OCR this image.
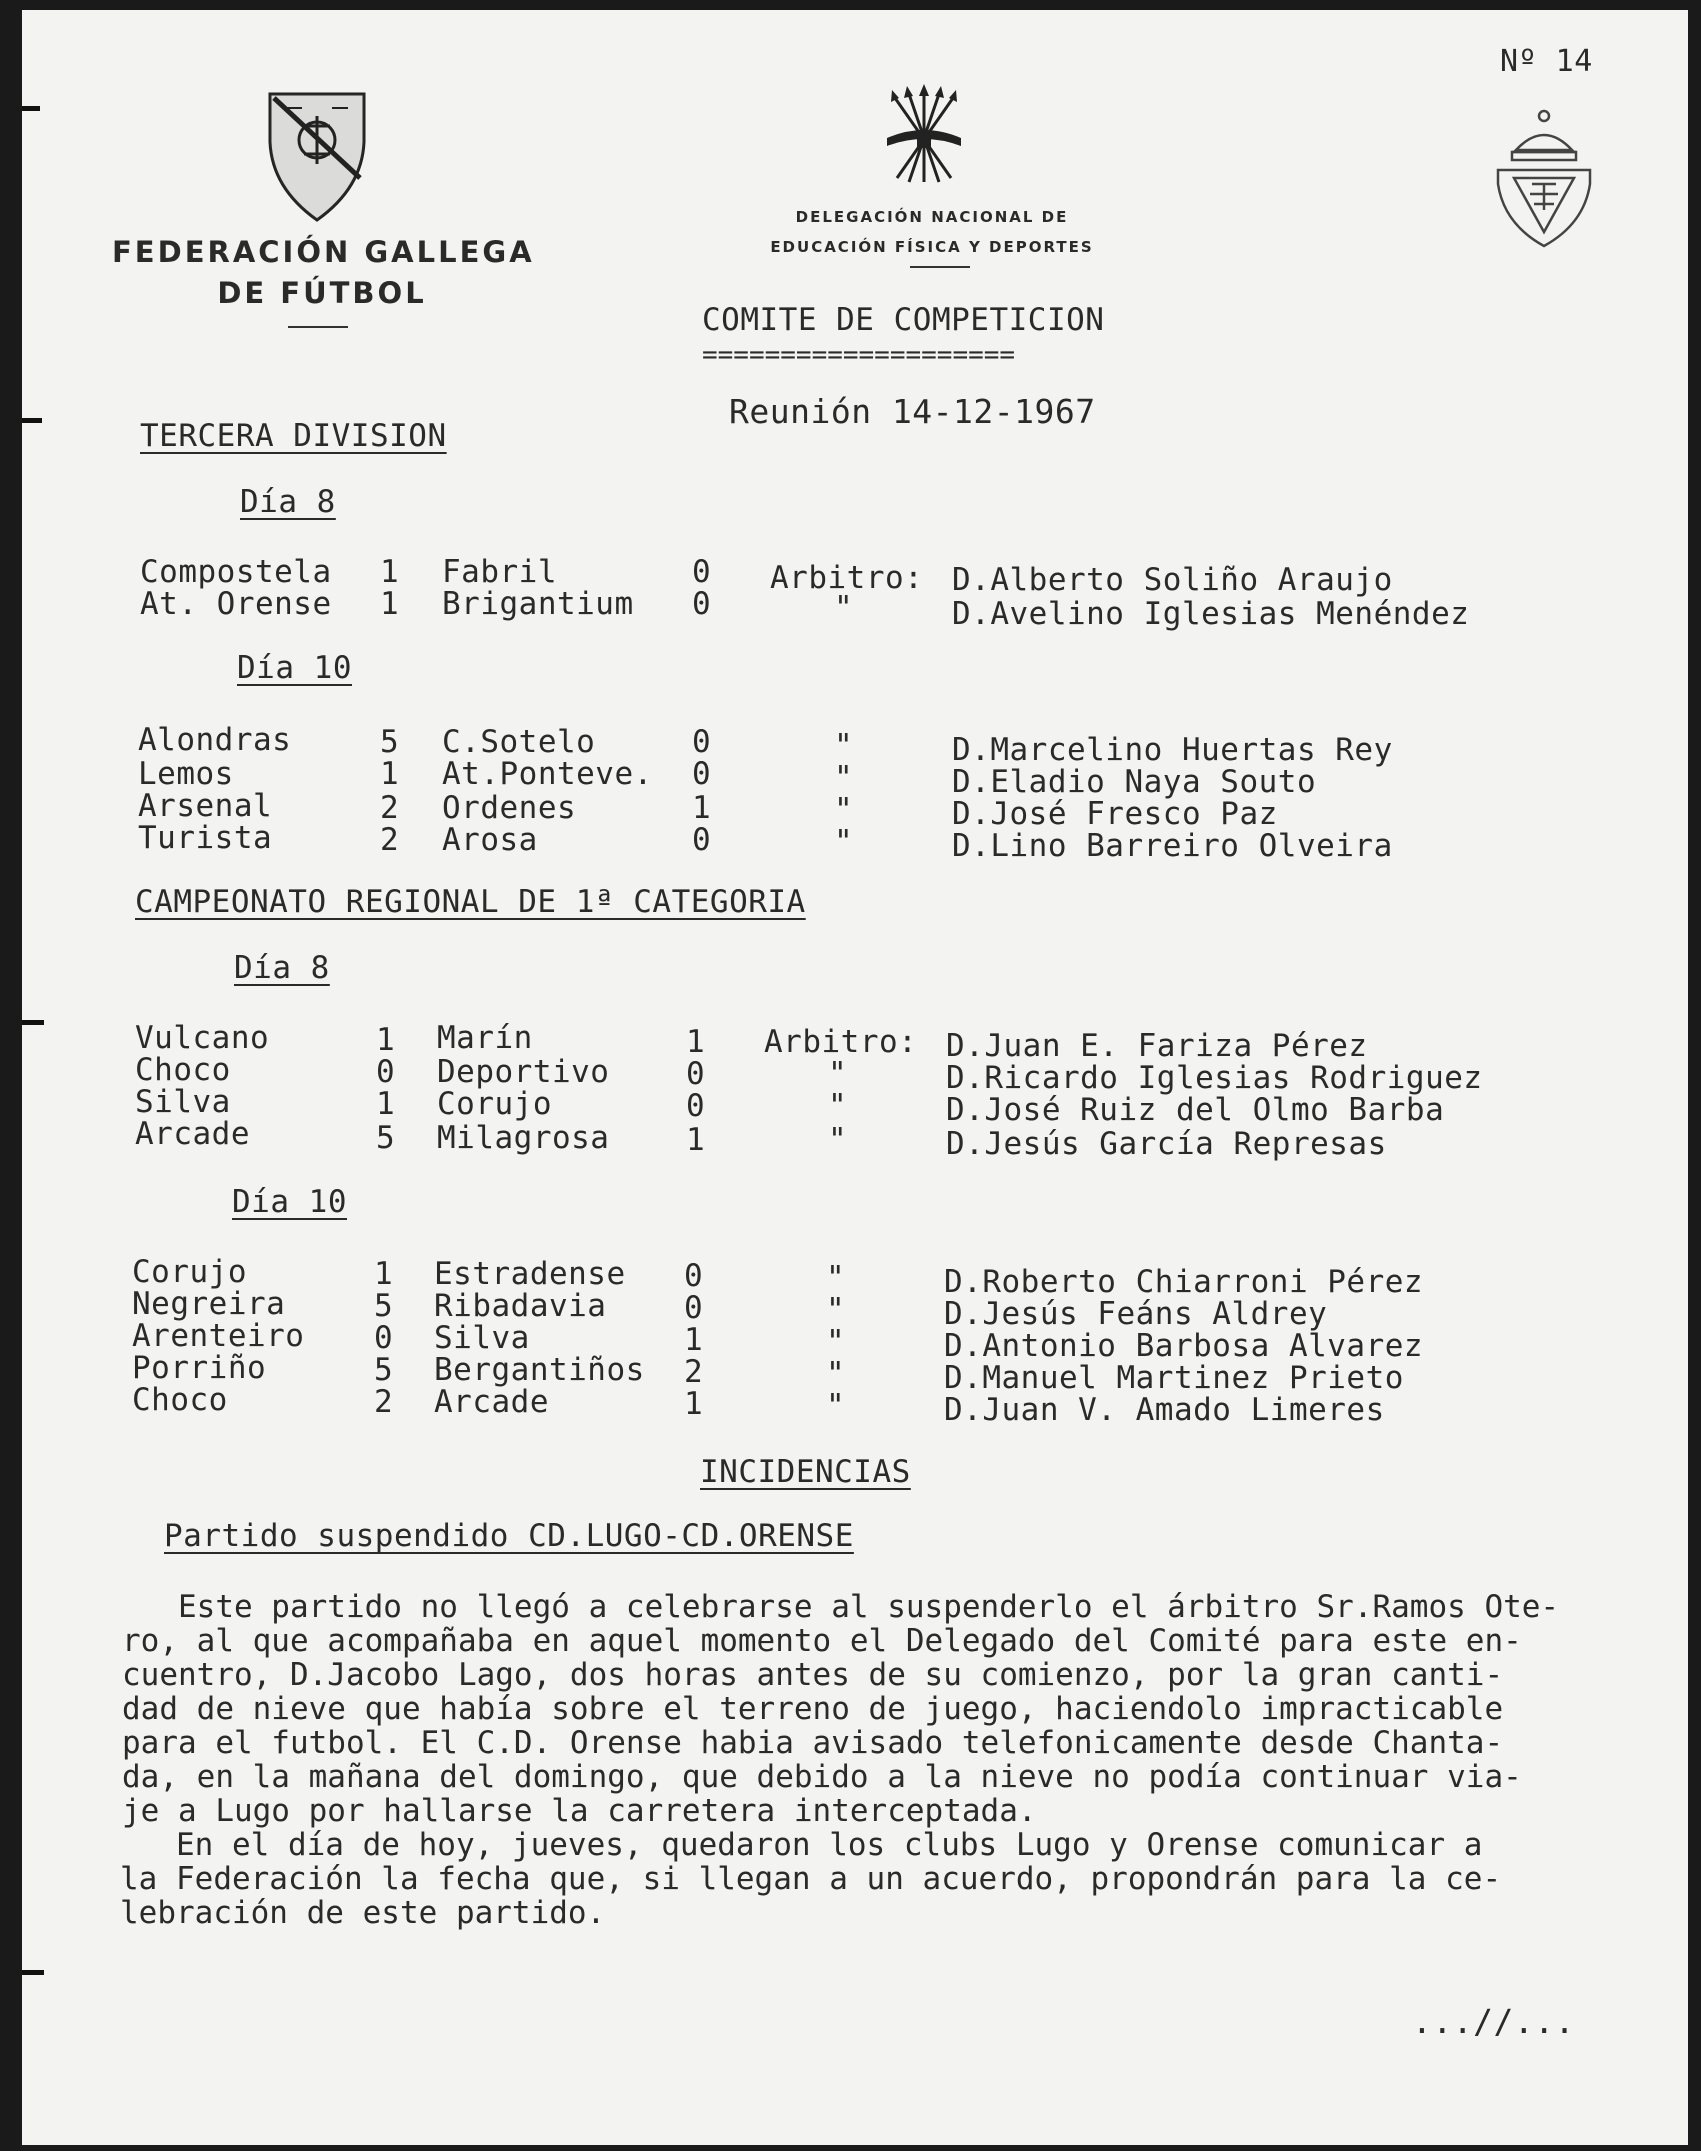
Nº 14
FEDERACIÓN GALLEGA
DE FÚTBOL
DELEGACIÓN NACIONAL DE
EDUCACIÓN FÍSICA Y DEPORTES
COMITE DE COMPETICION
====================
Reunión 14-12-1967
TERCERA DIVISION
Día 8
Compostela 1 Fabril	0 Arbitro: D.Alberto Soliño Araujo
At. Orense 1 Brigantium 0	"	D.Avelino Iglesias Menéndez
Día 10
Alondras	5 C.Sotelo	0	"	D.Marcelino Huertas Rey
Lemos	1 At.Ponteve. 0	"	D.Eladio Naya Souto
Arsenal	2 Ordenes	1	"	D.José Fresco Paz
Turista	2 Arosa	0	"	D.Lino Barreiro Olveira
CAMPEONATO REGIONAL DE 1ª CATEGORIA
Día 8
Vulcano	1 Marín	1 Arbitro: D.Juan E. Fariza Pérez
Choco	0 Deportivo 0	"	D.Ricardo Iglesias Rodriguez
Silva	1 Corujo	0	"	D.José Ruiz del Olmo Barba
Arcade	5 Milagrosa 1	"	D.Jesús García Represas
Día 10
Corujo	1 Estradense 0	"	D.Roberto Chiarroni Pérez
Negreira	5 Ribadavia	0	"	D.Jesús Feáns Aldrey
Arenteiro 0 Silva	1	"	D.Antonio Barbosa Alvarez
Porriño	5 Bergantiños 2	"	D.Manuel Martinez Prieto
Choco	2 Arcade	1	"	D.Juan V. Amado Limeres
INCIDENCIAS
Partido suspendido CD.LUGO-CD.ORENSE
Este partido no llegó a celebrarse al suspenderlo el árbitro Sr.Ramos Ote-
ro, al que acompañaba en aquel momento el Delegado del Comité para este en-
cuentro, D.Jacobo Lago, dos horas antes de su comienzo, por la gran canti-
dad de nieve que había sobre el terreno de juego, haciendolo impracticable
para el futbol. El C.D. Orense habia avisado telefonicamente desde Chanta-
da, en la mañana del domingo, que debido a la nieve no podía continuar via-
je a Lugo por hallarse la carretera interceptada.
En el día de hoy, jueves, quedaron los clubs Lugo y Orense comunicar a
la Federación la fecha que, si llegan a un acuerdo, propondrán para la ce-
lebración de este partido.
...//...
